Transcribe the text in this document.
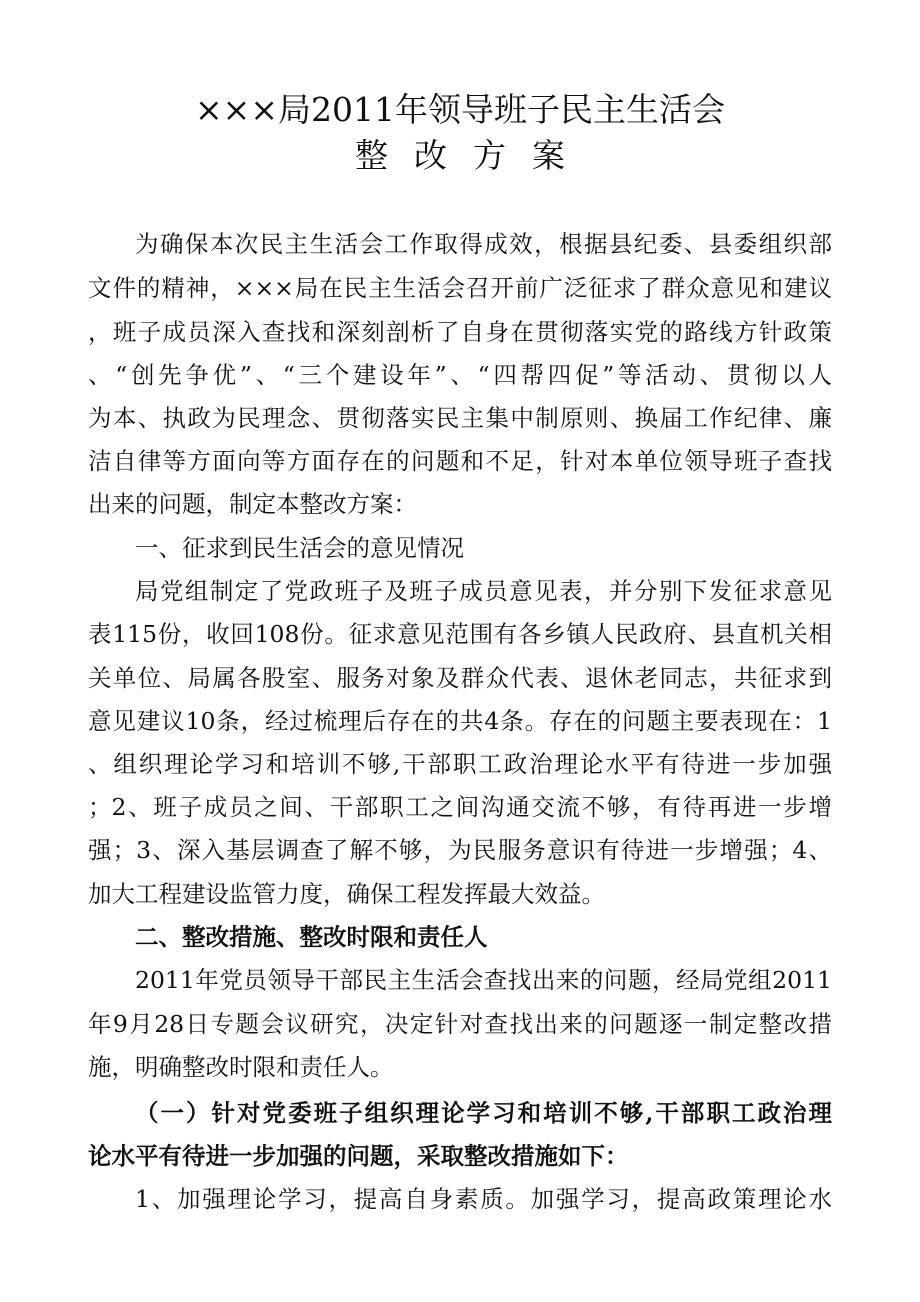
×××局2011年领导班子民主生活会
整改方案
为确保本次民主生活会工作取得成效，根据县纪委、县委组织部
文件的精神，×××局在民主生活会召开前广泛征求了群众意见和建议
，班子成员深入查找和深刻剖析了自身在贯彻落实党的路线方针政策
、“创先争优”、“三个建设年”、“四帮四促”等活动、贯彻以人
为本、执政为民理念、贯彻落实民主集中制原则、换届工作纪律、廉
洁自律等方面向等方面存在的问题和不足，针对本单位领导班子查找
出来的问题，制定本整改方案：
一、征求到民生活会的意见情况
局党组制定了党政班子及班子成员意见表，并分别下发征求意见
表115份，收回108份。征求意见范围有各乡镇人民政府、县直机关相
关单位、局属各股室、服务对象及群众代表、退休老同志，共征求到
意见建议10条，经过梳理后存在的共4条。存在的问题主要表现在：1
、组织理论学习和培训不够,干部职工政治理论水平有待进一步加强
；2、班子成员之间、干部职工之间沟通交流不够，有待再进一步增
强；3、深入基层调查了解不够，为民服务意识有待进一步增强；4、
加大工程建设监管力度，确保工程发挥最大效益。
二、整改措施、整改时限和责任人
2011年党员领导干部民主生活会查找出来的问题，经局党组2011
年9月28日专题会议研究，决定针对查找出来的问题逐一制定整改措
施，明确整改时限和责任人。
（一）针对党委班子组织理论学习和培训不够,干部职工政治理
论水平有待进一步加强的问题，采取整改措施如下：
1、加强理论学习，提高自身素质。加强学习，提高政策理论水
